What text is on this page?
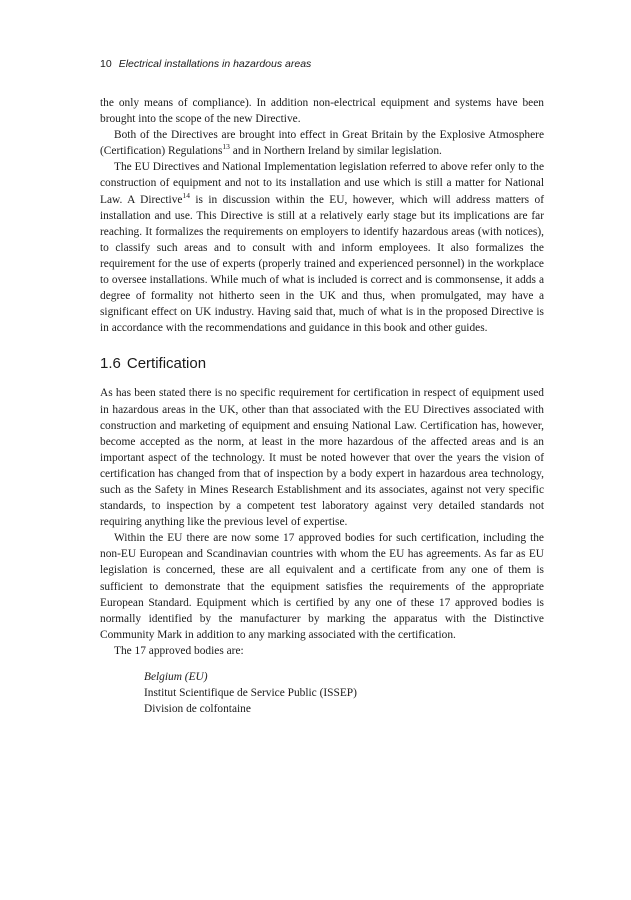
10 Electrical installations in hazardous areas

the only means of compliance). In addition non-electrical equipment and systems have been brought into the scope of the new Directive.

Both of the Directives are brought into effect in Great Britain by the Explosive Atmosphere (Certification) Regulations$^{13}$ and in Northern Ireland by similar legislation.

The EU Directives and National Implementation legislation referred to above refer only to the construction of equipment and not to its installation and use which is still a matter for National Law. A Directive$^{14}$ is in discussion within the EU, however, which will address matters of installation and use. This Directive is still at a relatively early stage but its implications are far reaching. It formalizes the requirements on employers to identify hazardous areas (with notices), to classify such areas and to consult with and inform employees. It also formalizes the requirement for the use of experts (properly trained and experienced personnel) in the workplace to oversee installations. While much of what is included is correct and is commonsense, it adds a degree of formality not hitherto seen in the UK and thus, when promulgated, may have a significant effect on UK industry. Having said that, much of what is in the proposed Directive is in accordance with the recommendations and guidance in this book and other guides.

1.6 Certification

As has been stated there is no specific requirement for certification in respect of equipment used in hazardous areas in the UK, other than that associated with the EU Directives associated with construction and marketing of equipment and ensuing National Law. Certification has, however, become accepted as the norm, at least in the more hazardous of the affected areas and is an important aspect of the technology. It must be noted however that over the years the vision of certification has changed from that of inspection by a body expert in hazardous area technology, such as the Safety in Mines Research Establishment and its associates, against not very specific standards, to inspection by a competent test laboratory against very detailed standards not requiring anything like the previous level of expertise.

Within the EU there are now some 17 approved bodies for such certification, including the non-EU European and Scandinavian countries with whom the EU has agreements. As far as EU legislation is concerned, these are all equivalent and a certificate from any one of them is sufficient to demonstrate that the equipment satisfies the requirements of the appropriate European Standard. Equipment which is certified by any one of these 17 approved bodies is normally identified by the manufacturer by marking the apparatus with the Distinctive Community Mark in addition to any marking associated with the certification.

The 17 approved bodies are:

Belgium (EU)
Institut Scientifique de Service Public (ISSEP)
Division de colfontaine
